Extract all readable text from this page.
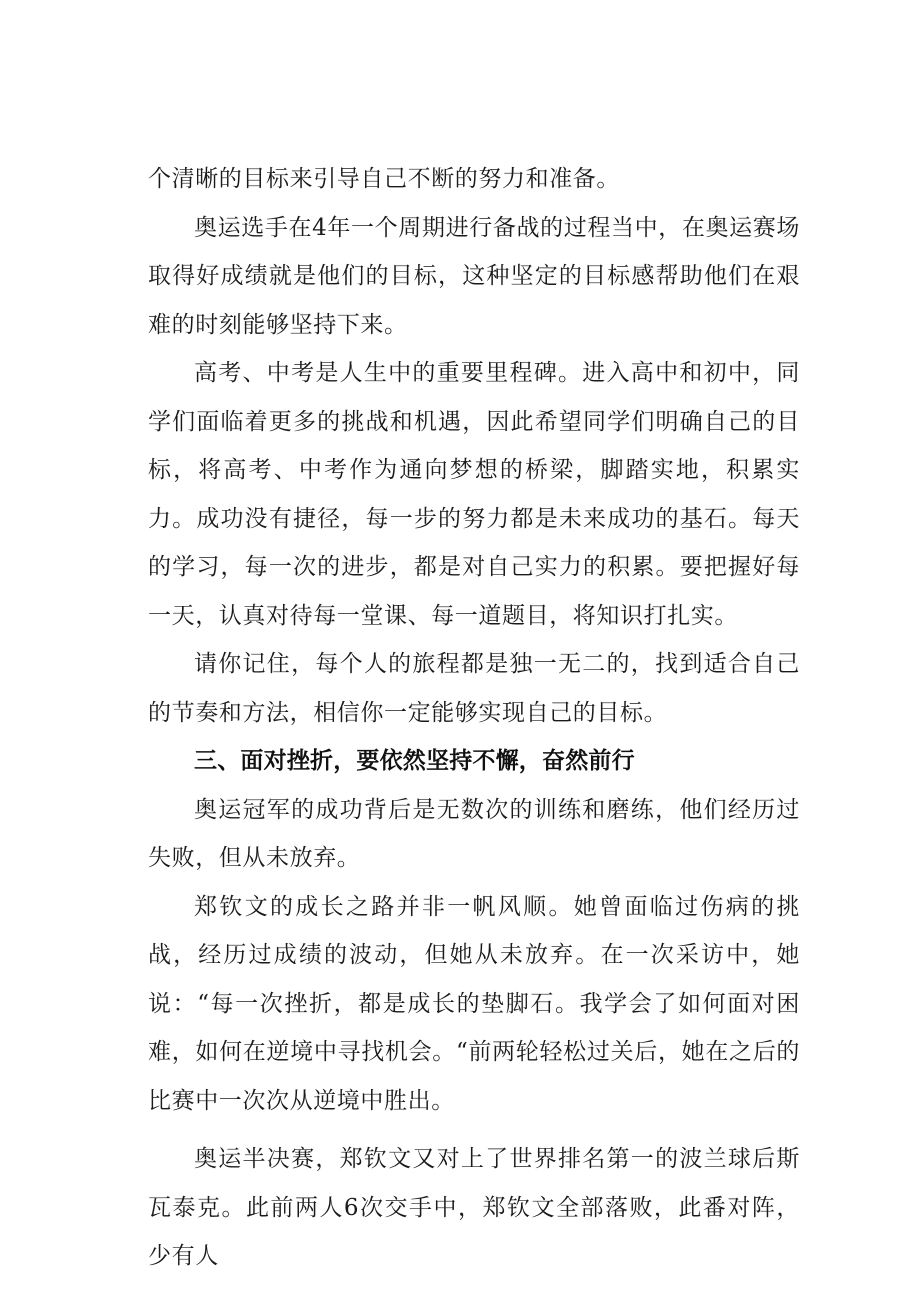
个清晰的目标来引导自己不断的努力和准备。

奥运选手在4年一个周期进行备战的过程当中，在奥运赛场取得好成绩就是他们的目标，这种坚定的目标感帮助他们在艰难的时刻能够坚持下来。

高考、中考是人生中的重要里程碑。进入高中和初中，同学们面临着更多的挑战和机遇，因此希望同学们明确自己的目标，将高考、中考作为通向梦想的桥梁，脚踏实地，积累实力。成功没有捷径，每一步的努力都是未来成功的基石。每天的学习，每一次的进步，都是对自己实力的积累。要把握好每一天，认真对待每一堂课、每一道题目，将知识打扎实。

请你记住，每个人的旅程都是独一无二的，找到适合自己的节奏和方法，相信你一定能够实现自己的目标。

三、面对挫折，要依然坚持不懈，奋然前行

奥运冠军的成功背后是无数次的训练和磨练，他们经历过失败，但从未放弃。

郑钦文的成长之路并非一帆风顺。她曾面临过伤病的挑战，经历过成绩的波动，但她从未放弃。在一次采访中，她说：“每一次挫折，都是成长的垫脚石。我学会了如何面对困难，如何在逆境中寻找机会。“前两轮轻松过关后，她在之后的比赛中一次次从逆境中胜出。

奥运半决赛，郑钦文又对上了世界排名第一的波兰球后斯瓦泰克。此前两人6次交手中，郑钦文全部落败，此番对阵，少有人
